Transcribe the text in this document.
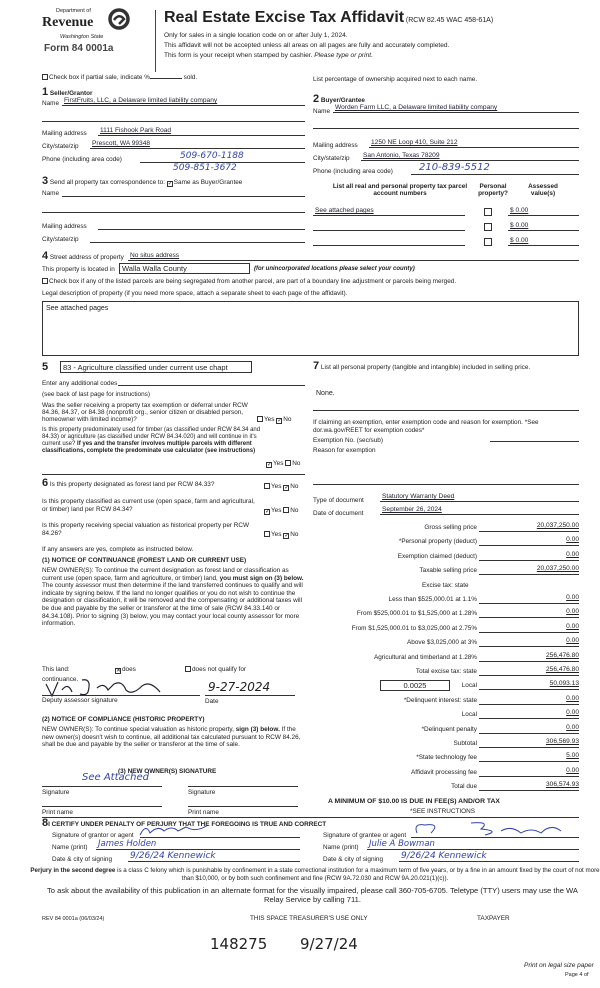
Department of
Revenue
Washington State
Form 84 0001a
Real Estate Excise Tax Affidavit (RCW 82.45 WAC 458-61A)
Only for sales in a single location code on or after July 1, 2024.
This affidavit will not be accepted unless all areas on all pages are fully and accurately completed.
This form is your receipt when stamped by cashier. Please type or print.
Check box if partial sale, indicate %	sold.	List percentage of ownership acquired next to each name.
1 Seller/Grantor
Name FirstFruits, LLC, a Delaware limited liability company
Mailing address	1111 Fishook Park Road
City/state/zip	Prescott, WA 99348
Phone (including area code)	509-670-1188
509-851-3672
3 Send all property tax correspondence to: ✓Same as Buyer/Grantee
Name
Mailing address
City/state/zip
2 Buyer/Grantee
Name
Worden Farm LLC, a Delaware limited liability company
Mailing address	1250 NE Loop 410, Suite 212
City/state/zip	San Antonio, Texas 78209
Phone (including area code)	210-839-5512
List all real and personal property tax parcel account numbers
Personal property?
Assessed value(s)
See attached pages	$ 0.00
$ 0.00
$ 0.00
4 Street address of property No situs address
This property is located in Walla Walla County	(for unincorporated locations please select your county)
Check box if any of the listed parcels are being segregated from another parcel, are part of a boundary line adjustment or parcels being merged.
Legal description of property (if you need more space, attach a separate sheet to each page of the affidavit).
See attached pages
5	83 - Agriculture classified under current use chapt
Enter any additional codes
(see back of last page for instructions)
Was the seller receiving a property tax exemption or deferral under RCW 84.36, 84.37, or 84.38 (nonprofit org., senior citizen or disabled person, homeowner with limited income)?	Yes ✓No
Is this property predominately used for timber (as classified under RCW 84.34 and 84.33) or agriculture (as classified under RCW 84.34.020) and will continue in it's current use? If yes and the transfer involves multiple parcels with different classifications, complete the predominate use calculator (see instructions)
✓Yes No
6 Is this property designated as forest land per RCW 84.33?	Yes ✓No
Is this property classified as current use (open space, farm and agricultural, or timber) land per RCW 84.34?	✓Yes No
Is this property receiving special valuation as historical property per RCW 84.26?	Yes ✓No
If any answers are yes, complete as instructed below.
(1) NOTICE OF CONTINUANCE (FOREST LAND OR CURRENT USE)
NEW OWNER(S): To continue the current designation as forest land or classification as current use (open space, farm and agriculture, or timber) land, you must sign on (3) below. The county assessor must then determine if the land transferred continues to qualify and will indicate by signing below. If the land no longer qualifies or you do not wish to continue the designation or classification, it will be removed and the compensating or additional taxes will be due and payable by the seller or transferor at the time of sale (RCW 84.33.140 or 84.34.108). Prior to signing (3) below, you may contact your local county assessor for more information.
This land:	✕does	does not qualify for
continuance.
9-27-2024
Deputy assessor signature	Date
(2) NOTICE OF COMPLIANCE (HISTORIC PROPERTY)
NEW OWNER(S): To continue special valuation as historic property, sign (3) below. If the new owner(s) doesn't wish to continue, all additional tax calculated pursuant to RCW 84.26, shall be due and payable by the seller or transferor at the time of sale.
(3) NEW OWNER(S) SIGNATURE
See Attached
Signature	Signature
Print name	Print name
7 List all personal property (tangible and intangible) included in selling price.
None.
If claiming an exemption, enter exemption code and reason for exemption. *See dor.wa.gov/REET for exemption codes*
Exemption No. (sec/sub)
Reason for exemption
Type of document
Statutory Warranty Deed
Date of document
September 26, 2024
Gross selling price	20,037,250.00
*Personal property (deduct)	0.00
Exemption claimed (deduct)	0.00
Taxable selling price	20,037,250.00
Excise tax: state
Less than $525,000.01 at 1.1%	0.00
From $525,000.01 to $1,525,000 at 1.28%	0.00
From $1,525,000.01 to $3,025,000 at 2.75%	0.00
Above $3,025,000 at 3%	0.00
Agricultural and timberland at 1.28%	256,476.80
Total excise tax: state	256,476.80
Local	50,093.13
*Delinquent interest: state	0.00
Local	0.00
*Delinquent penalty	0.00
Subtotal	306,569.93
*State technology fee	5.00
Affidavit processing fee	0.00
Total due	306,574.93
0.0025
A MINIMUM OF $10.00 IS DUE IN FEE(S) AND/OR TAX
*SEE INSTRUCTIONS
8I CERTIFY UNDER PENALTY OF PERJURY THAT THE FOREGOING IS TRUE AND CORRECT
Signature of grantor or agent
Name (print) James Holden
Date & city of signing 9/26/24 Kennewick
Signature of grantee or agent
Name (print) Julie A Bowman
Date & city of signing 9/26/24 Kennewick
Perjury in the second degree is a class C felony which is punishable by confinement in a state correctional institution for a maximum term of five years, or by a fine in an amount fixed by the court of not more than $10,000, or by both such confinement and fine (RCW 9A.72.030 and RCW 9A.20.021(1)(c)).
To ask about the availability of this publication in an alternate format for the visually impaired, please call 360-705-6705. Teletype (TTY) users may use the WA Relay Service by calling 711.
REV 84 0001a (06/03/24)	THIS SPACE TREASURER'S USE ONLY	TAXPAYER
148275 9/27/24
Print on legal size paper
Page 4 of
